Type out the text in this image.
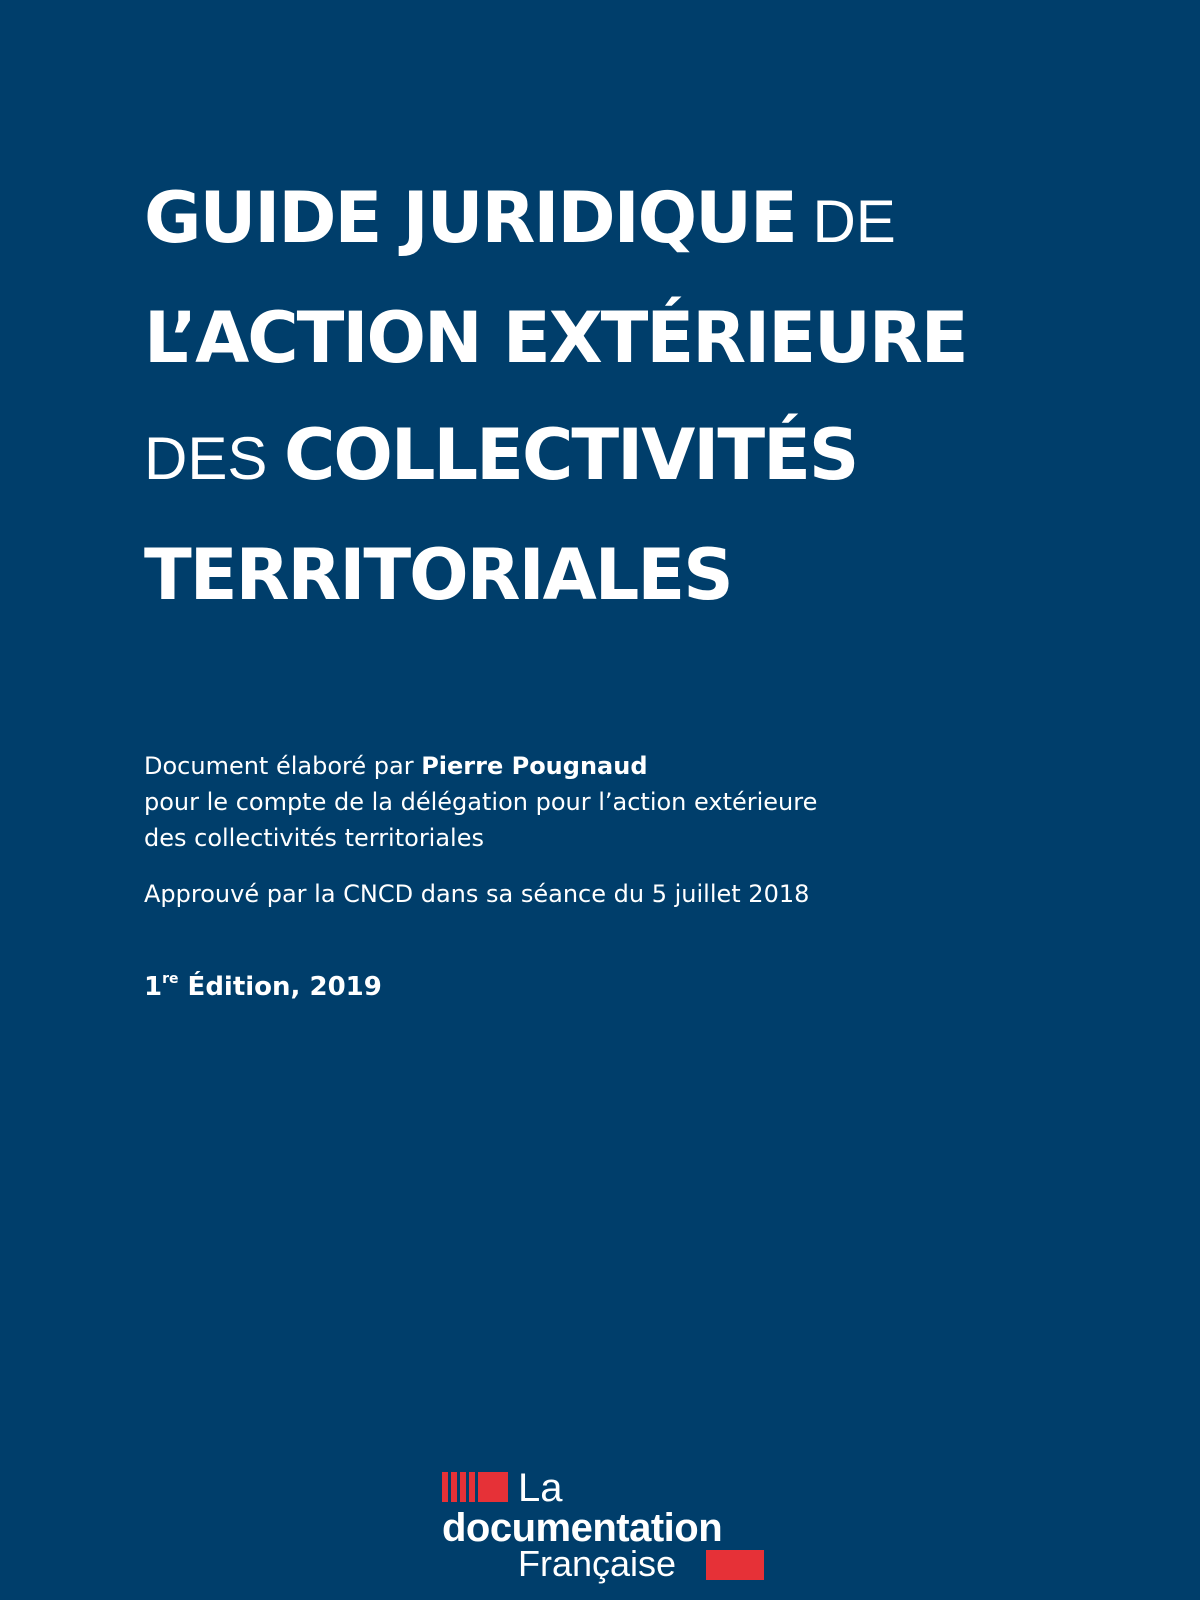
GUIDE JURIDIQUE DE
L’ACTION EXTÉRIEURE
DES COLLECTIVITÉS
TERRITORIALES

Document élaboré par Pierre Pougnaud

pour le compte de la délégation pour l’action extérieure

des collectivités territoriales

Approuvé par la CNCD dans sa séance du 5 juillet 2018

1re Édition, 2019
La
documentation
Française
